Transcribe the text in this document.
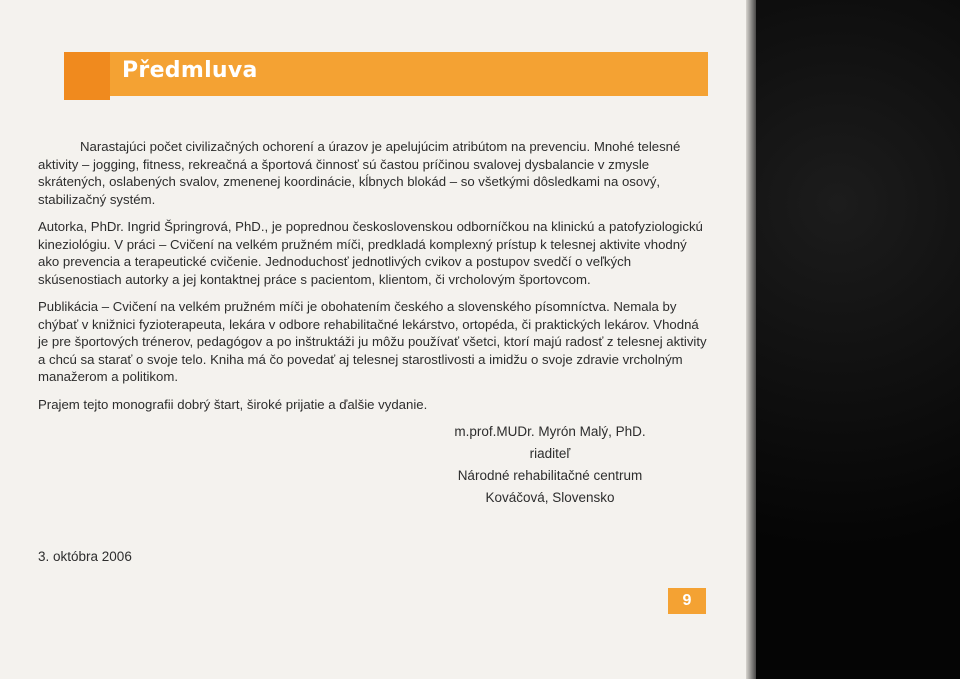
Předmluva

Narastajúci počet civilizačných ochorení a úrazov je apelujúcim atribútom na prevenciu. Mnohé telesné aktivity – jogging, fitness, rekreačná a športová činnosť sú častou príčinou svalovej dysbalancie v zmysle skrátených, oslabených svalov, zmenenej koordinácie, kĺbnych blokád – so všetkými dôsledkami na osový, stabilizačný systém.

Autorka, PhDr. Ingrid Špringrová, PhD., je poprednou československou odborníčkou na klinickú a patofyziologickú kineziológiu. V práci – Cvičení na velkém pružném míči, predkladá komplexný prístup k telesnej aktivite vhodný ako prevencia a terapeutické cvičenie. Jednoduchosť jednotlivých cvikov a postupov svedčí o veľkých skúsenostiach autorky a jej kontaktnej práce s pacientom, klientom, či vrcholovým športovcom.

Publikácia – Cvičení na velkém pružném míči je obohatením českého a slovenského písomníctva. Nemala by chýbať v knižnici fyzioterapeuta, lekára v odbore rehabilitačné lekárstvo, ortopéda, či praktických lekárov. Vhodná je pre športových trénerov, pedagógov a po inštruktáži ju môžu používať všetci, ktorí majú radosť z telesnej aktivity a chcú sa starať o svoje telo. Kniha má čo povedať aj telesnej starostlivosti a imidžu o svoje zdravie vrcholným manažerom a politikom.

Prajem tejto monografii dobrý štart, široké prijatie a ďalšie vydanie.

m.prof.MUDr. Myrón Malý, PhD.
riaditeľ
Národné rehabilitačné centrum
Kováčová, Slovensko
3. októbra 2006
9
